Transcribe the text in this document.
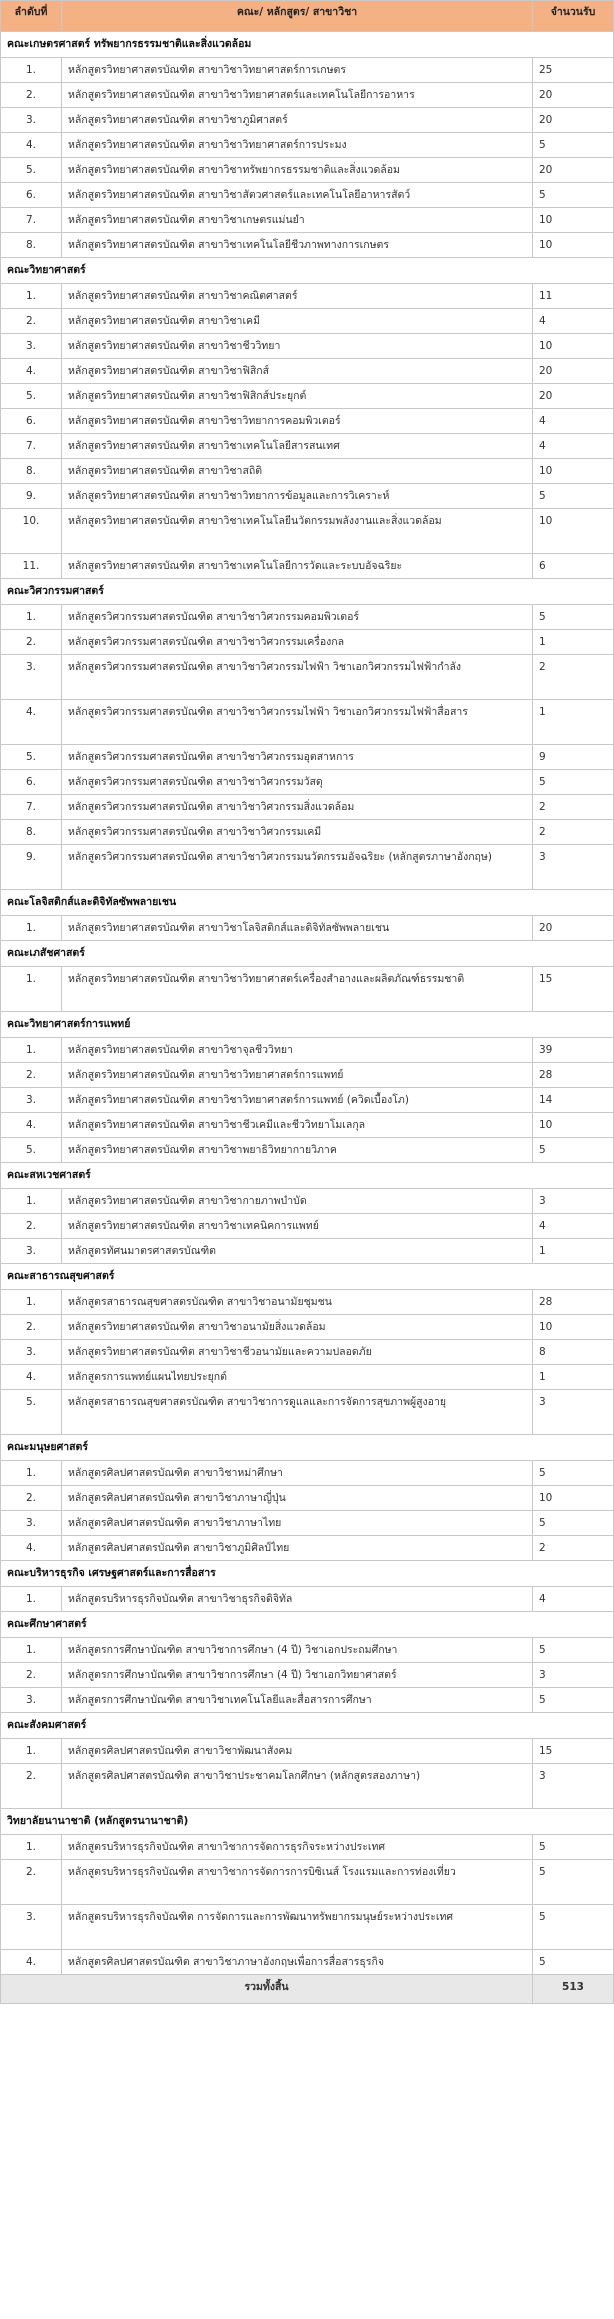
ลำดับที่	คณะ/ หลักสูตร/ สาขาวิชา	จำนวนรับ
คณะเกษตรศาสตร์ ทรัพยากรธรรมชาติและสิ่งแวดล้อม		
1.	หลักสูตรวิทยาศาสตรบัณฑิต สาขาวิชาวิทยาศาสตร์การเกษตร	25
2.	หลักสูตรวิทยาศาสตรบัณฑิต สาขาวิชาวิทยาศาสตร์และเทคโนโลยีการอาหาร	20
3.	หลักสูตรวิทยาศาสตรบัณฑิต สาขาวิชาภูมิศาสตร์	20
4.	หลักสูตรวิทยาศาสตรบัณฑิต สาขาวิชาวิทยาศาสตร์การประมง	5
5.	หลักสูตรวิทยาศาสตรบัณฑิต สาขาวิชาทรัพยากรธรรมชาติและสิ่งแวดล้อม	20
6.	หลักสูตรวิทยาศาสตรบัณฑิต สาขาวิชาสัตวศาสตร์และเทคโนโลยีอาหารสัตว์	5
7.	หลักสูตรวิทยาศาสตรบัณฑิต สาขาวิชาเกษตรแม่นยำ	10
8.	หลักสูตรวิทยาศาสตรบัณฑิต สาขาวิชาเทคโนโลยีชีวภาพทางการเกษตร	10
คณะวิทยาศาสตร์		
1.	หลักสูตรวิทยาศาสตรบัณฑิต สาขาวิชาคณิตศาสตร์	11
2.	หลักสูตรวิทยาศาสตรบัณฑิต สาขาวิชาเคมี	4
3.	หลักสูตรวิทยาศาสตรบัณฑิต สาขาวิชาชีววิทยา	10
4.	หลักสูตรวิทยาศาสตรบัณฑิต สาขาวิชาฟิสิกส์	20
5.	หลักสูตรวิทยาศาสตรบัณฑิต สาขาวิชาฟิสิกส์ประยุกต์	20
6.	หลักสูตรวิทยาศาสตรบัณฑิต สาขาวิชาวิทยาการคอมพิวเตอร์	4
7.	หลักสูตรวิทยาศาสตรบัณฑิต สาขาวิชาเทคโนโลยีสารสนเทศ	4
8.	หลักสูตรวิทยาศาสตรบัณฑิต สาขาวิชาสถิติ	10
9.	หลักสูตรวิทยาศาสตรบัณฑิต สาขาวิชาวิทยาการข้อมูลและการวิเคราะห์	5
10.	หลักสูตรวิทยาศาสตรบัณฑิต สาขาวิชาเทคโนโลยีนวัตกรรมพลังงานและสิ่งแวดล้อม	10
11.	หลักสูตรวิทยาศาสตรบัณฑิต สาขาวิชาเทคโนโลยีการวัดและระบบอัจฉริยะ	6
คณะวิศวกรรมศาสตร์		
1.	หลักสูตรวิศวกรรมศาสตรบัณฑิต สาขาวิชาวิศวกรรมคอมพิวเตอร์	5
2.	หลักสูตรวิศวกรรมศาสตรบัณฑิต สาขาวิชาวิศวกรรมเครื่องกล	1
3.	หลักสูตรวิศวกรรมศาสตรบัณฑิต สาขาวิชาวิศวกรรมไฟฟ้า วิชาเอกวิศวกรรมไฟฟ้ากำลัง	2
4.	หลักสูตรวิศวกรรมศาสตรบัณฑิต สาขาวิชาวิศวกรรมไฟฟ้า วิชาเอกวิศวกรรมไฟฟ้าสื่อสาร	1
5.	หลักสูตรวิศวกรรมศาสตรบัณฑิต สาขาวิชาวิศวกรรมอุตสาหการ	9
6.	หลักสูตรวิศวกรรมศาสตรบัณฑิต สาขาวิชาวิศวกรรมวัสดุ	5
7.	หลักสูตรวิศวกรรมศาสตรบัณฑิต สาขาวิชาวิศวกรรมสิ่งแวดล้อม	2
8.	หลักสูตรวิศวกรรมศาสตรบัณฑิต สาขาวิชาวิศวกรรมเคมี	2
9.	หลักสูตรวิศวกรรมศาสตรบัณฑิต สาขาวิชาวิศวกรรมนวัตกรรมอัจฉริยะ (หลักสูตรภาษาอังกฤษ)	3
คณะโลจิสติกส์และดิจิทัลซัพพลายเชน		
1.	หลักสูตรวิทยาศาสตรบัณฑิต สาขาวิชาโลจิสติกส์และดิจิทัลซัพพลายเชน	20
คณะเภสัชศาสตร์		
1.	หลักสูตรวิทยาศาสตรบัณฑิต สาขาวิชาวิทยาศาสตร์เครื่องสำอางและผลิตภัณฑ์ธรรมชาติ	15
คณะวิทยาศาสตร์การแพทย์		
1.	หลักสูตรวิทยาศาสตรบัณฑิต สาขาวิชาจุลชีววิทยา	39
2.	หลักสูตรวิทยาศาสตรบัณฑิต สาขาวิชาวิทยาศาสตร์การแพทย์	28
3.	หลักสูตรวิทยาศาสตรบัณฑิต สาขาวิชาวิทยาศาสตร์การแพทย์ (ควิดเบื้องโภ)	14
4.	หลักสูตรวิทยาศาสตรบัณฑิต สาขาวิชาชีวเคมีและชีววิทยาโมเลกุล	10
5.	หลักสูตรวิทยาศาสตรบัณฑิต สาขาวิชาพยาธิวิทยากายวิภาค	5
คณะสหเวชศาสตร์		
1.	หลักสูตรวิทยาศาสตรบัณฑิต สาขาวิชากายภาพบำบัด	3
2.	หลักสูตรวิทยาศาสตรบัณฑิต สาขาวิชาเทคนิคการแพทย์	4
3.	หลักสูตรทัศนมาตรศาสตรบัณฑิต	1
คณะสาธารณสุขศาสตร์		
1.	หลักสูตรสาธารณสุขศาสตรบัณฑิต สาขาวิชาอนามัยชุมชน	28
2.	หลักสูตรวิทยาศาสตรบัณฑิต สาขาวิชาอนามัยสิ่งแวดล้อม	10
3.	หลักสูตรวิทยาศาสตรบัณฑิต สาขาวิชาชีวอนามัยและความปลอดภัย	8
4.	หลักสูตรการแพทย์แผนไทยประยุกต์	1
5.	หลักสูตรสาธารณสุขศาสตรบัณฑิต สาขาวิชาการดูแลและการจัดการสุขภาพผู้สูงอายุ	3
คณะมนุษยศาสตร์		
1.	หลักสูตรศิลปศาสตรบัณฑิต สาขาวิชาหม่าศึกษา	5
2.	หลักสูตรศิลปศาสตรบัณฑิต สาขาวิชาภาษาญี่ปุ่น	10
3.	หลักสูตรศิลปศาสตรบัณฑิต สาขาวิชาภาษาไทย	5
4.	หลักสูตรศิลปศาสตรบัณฑิต สาขาวิชาภูมิศิลป์ไทย	2
คณะบริหารธุรกิจ เศรษฐศาสตร์และการสื่อสาร		
1.	หลักสูตรบริหารธุรกิจบัณฑิต สาขาวิชาธุรกิจดิจิทัล	4
คณะศึกษาศาสตร์		
1.	หลักสูตรการศึกษาบัณฑิต สาขาวิชาการศึกษา (4 ปี) วิชาเอกประถมศึกษา	5
2.	หลักสูตรการศึกษาบัณฑิต สาขาวิชาการศึกษา (4 ปี) วิชาเอกวิทยาศาสตร์	3
3.	หลักสูตรการศึกษาบัณฑิต สาขาวิชาเทคโนโลยีและสื่อสารการศึกษา	5
คณะสังคมศาสตร์		
1.	หลักสูตรศิลปศาสตรบัณฑิต สาขาวิชาพัฒนาสังคม	15
2.	หลักสูตรศิลปศาสตรบัณฑิต สาขาวิชาประชาคมโลกศึกษา (หลักสูตรสองภาษา)	3
วิทยาลัยนานาชาติ (หลักสูตรนานาชาติ)		
1.	หลักสูตรบริหารธุรกิจบัณฑิต สาขาวิชาการจัดการธุรกิจระหว่างประเทศ	5
2.	หลักสูตรบริหารธุรกิจบัณฑิต สาขาวิชาการจัดการการบิซิเนส์ โรงแรมและการท่องเที่ยว	5
3.	หลักสูตรบริหารธุรกิจบัณฑิต การจัดการและการพัฒนาทรัพยากรมนุษย์ระหว่างประเทศ	5
4.	หลักสูตรศิลปศาสตรบัณฑิต สาขาวิชาภาษาอังกฤษเพื่อการสื่อสารธุรกิจ	5
รวมทั้งสิ้น		513
